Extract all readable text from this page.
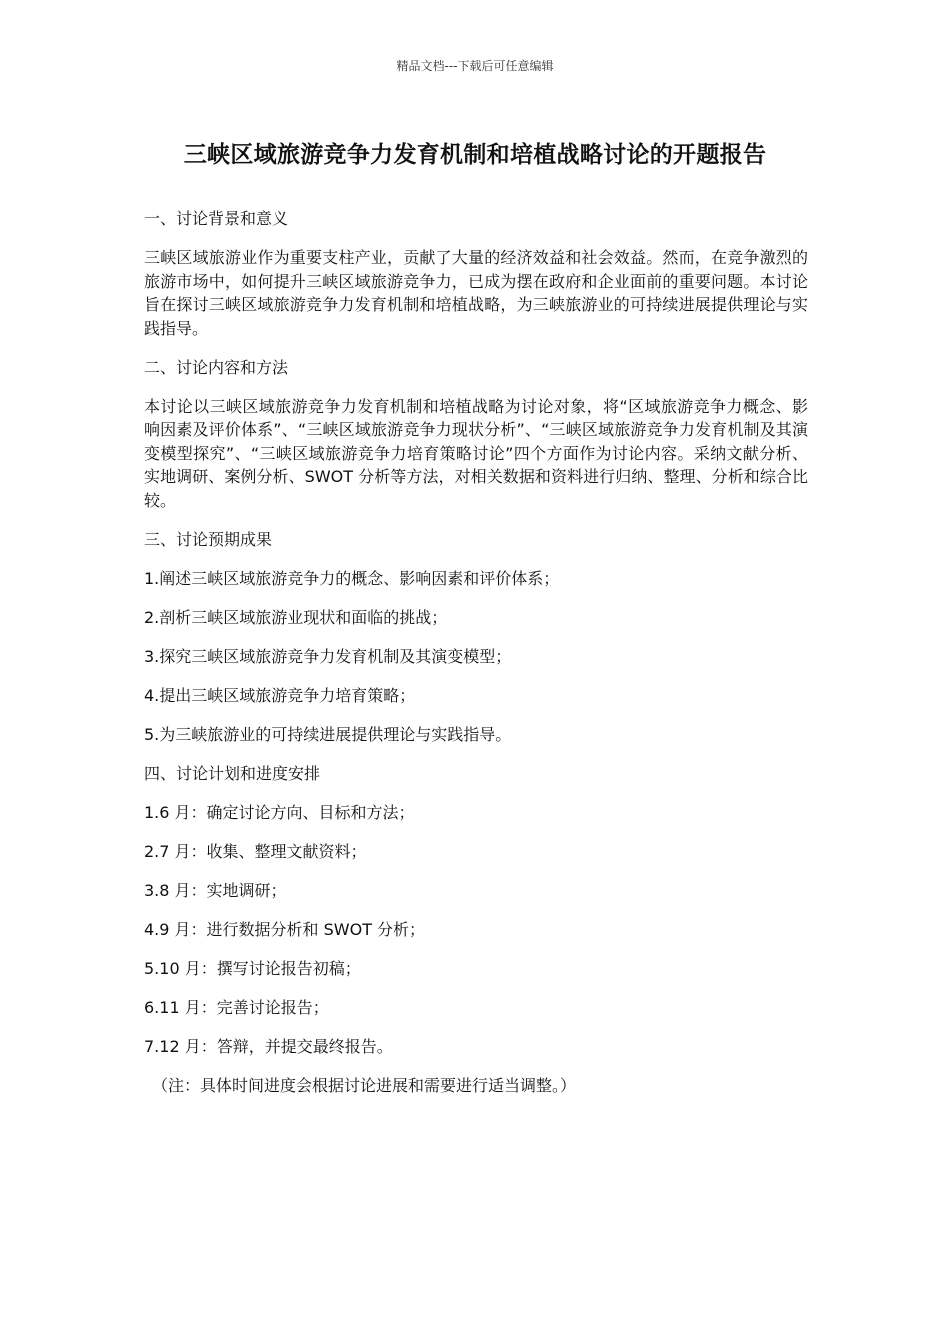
精品文档---下载后可任意编辑
三峡区域旅游竞争力发育机制和培植战略讨论的开题报告

一、讨论背景和意义

三峡区域旅游业作为重要支柱产业，贡献了大量的经济效益和社会效益。然而，在竞争激烈的旅游市场中，如何提升三峡区域旅游竞争力，已成为摆在政府和企业面前的重要问题。本讨论旨在探讨三峡区域旅游竞争力发育机制和培植战略，为三峡旅游业的可持续进展提供理论与实践指导。

二、讨论内容和方法

本讨论以三峡区域旅游竞争力发育机制和培植战略为讨论对象，将“区域旅游竞争力概念、影响因素及评价体系”、“三峡区域旅游竞争力现状分析”、“三峡区域旅游竞争力发育机制及其演变模型探究”、“三峡区域旅游竞争力培育策略讨论”四个方面作为讨论内容。采纳文献分析、实地调研、案例分析、SWOT 分析等方法，对相关数据和资料进行归纳、整理、分析和综合比较。

三、讨论预期成果

1.阐述三峡区域旅游竞争力的概念、影响因素和评价体系；

2.剖析三峡区域旅游业现状和面临的挑战；

3.探究三峡区域旅游竞争力发育机制及其演变模型；

4.提出三峡区域旅游竞争力培育策略；

5.为三峡旅游业的可持续进展提供理论与实践指导。

四、讨论计划和进度安排

1.6 月：确定讨论方向、目标和方法；

2.7 月：收集、整理文献资料；

3.8 月：实地调研；

4.9 月：进行数据分析和 SWOT 分析；

5.10 月：撰写讨论报告初稿；

6.11 月：完善讨论报告；

7.12 月：答辩，并提交最终报告。

（注：具体时间进度会根据讨论进展和需要进行适当调整。）
